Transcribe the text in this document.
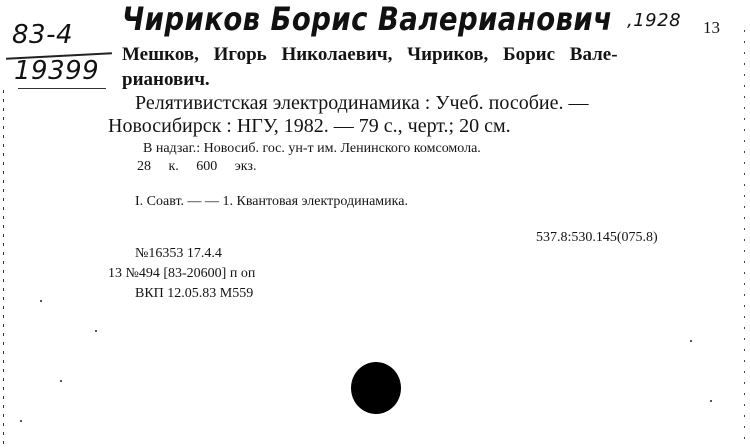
Чириков Борис Валерианович ,1928 13
83-4
19399
Мешков, Игорь Николаевич, Чириков, Борис Вале-
рианович.
Релятивистская электродинамика : Учеб. пособие. —
Новосибирск : НГУ, 1982. — 79 с., черт.; 20 см.
В надзаг.: Новосиб. гос. ун-т им. Ленинского комсомола.
28 к. 600 экз.
I. Соавт. — — 1. Квантовая электродинамика.
537.8:530.145(075.8)
№16353 17.4.4
13 №494 [83-20600] п оп
ВКП 12.05.83 М559
